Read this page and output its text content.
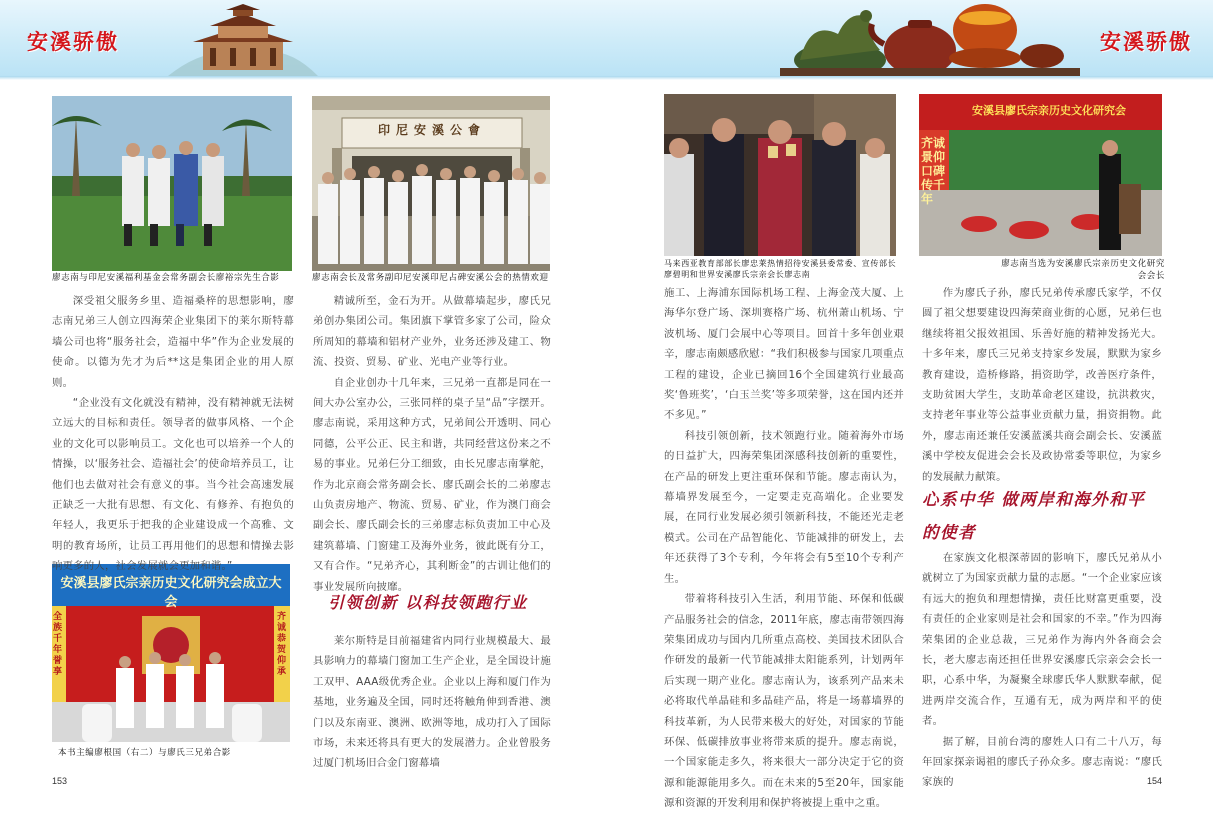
安溪骄傲	安溪骄傲
廖志南与印尼安溪福利基金会常务副会长廖裕宗先生合影
印尼安溪公會
廖志南会长及常务副印尼安溪印尼占碑安溪公会的热情欢迎
安溪县廖氏宗亲历史文化研究会成立大会
全族千年誉享
齐诚恭贺仰承
本书主编廖根国（右二）与廖氏三兄弟合影

深受祖父服务乡里、造福桑梓的思想影响，廖志南兄弟三人创立四海荣企业集团下的莱尔斯特幕墙公司也将“服务社会，造福中华”作为企业发展的使命。以德为先才为后**这是集团企业的用人原则。

“企业没有文化就没有精神，没有精神就无法树立远大的目标和责任。领导者的做事风格、一个企业的文化可以影响员工。文化也可以培养一个人的情操，以‘服务社会、造福社会’的使命培养员工，让他们也去做对社会有意义的事。当今社会高速发展正缺乏一大批有思想、有文化、有修养、有抱负的年轻人，我更乐于把我的企业建设成一个高雅、文明的教育场所，让员工再用他们的思想和情操去影响更多的人，社会发展就会更加和谐。”

精诚所至，金石为开。从做幕墙起步，廖氏兄弟创办集团公司。集团旗下掌管多家了公司，险众所周知的幕墙和铝材产业外，业务还涉及建工、物流、投资、贸易、矿业、光电产业等行业。

自企业创办十几年来，三兄弟一直都是同在一间大办公室办公，三张同样的桌子呈“品”字摆开。廖志南说，采用这种方式，兄弟间公开透明、同心同德，公平公正、民主和谐，共同经营这份来之不易的事业。兄弟仨分工细致，由长兄廖志南掌舵，作为北京商会常务副会长、廖氏副会长的二弟廖志山负责房地产、物流、贸易、矿业，作为澳门商会副会长、廖氏副会长的三弟廖志标负责加工中心及建筑幕墙、门窗建工及海外业务，彼此既有分工，又有合作。“兄弟齐心，其利断金”的古训让他们的事业发展所向披靡。

引领创新 以科技领跑行业

莱尔斯特是目前福建省内同行业规模最大、最具影响力的幕墙门窗加工生产企业，是全国设计施工双甲、AAA级优秀企业。企业以上海和厦门作为基地，业务遍及全国，同时还将触角伸到香港、澳门以及东南亚、澳洲、欧洲等地，成功打入了国际市场，未来还将具有更大的发展潜力。企业曾股务过厦门机场旧合金门窗幕墙

153
马来西亚教育部部长廖忠莱热情招待安溪县委常委、宣传部长廖碧明和世界安溪廖氏宗亲会长廖志南
安溪县廖氏宗亲历史文化研究会
齐诚景仰口碑传千年
廖志南当选为安溪廖氏宗亲历史文化研究会会长

施工、上海浦东国际机场工程、上海金茂大厦、上海华尔登广场、深圳赛格广场、杭州萧山机场、宁波机场、厦门会展中心等项目。回首十多年创业艰辛，廖志南颇感欣慰：“我们积极参与国家几项重点工程的建设，企业已摘回16个全国建筑行业最高奖‘鲁班奖’，‘白玉兰奖’等多项荣誉，这在国内还并不多见。”

科技引领创新，技术领跑行业。随着海外市场的日益扩大，四海荣集团深感科技创新的重要性，在产品的研发上更注重环保和节能。廖志南认为，幕墙界发展至今，一定要走克高端化。企业要发展，在同行业发展必须引领新科技，不能还光走老模式。公司在产品智能化、节能减排的研发上，去年还获得了3个专利，今年将会有5至10个专利产生。

带着将科技引入生活，利用节能、环保和低碳产品服务社会的信念，2011年底，廖志南带领四海荣集团成功与国内几所重点高校、美国技术团队合作研发的最新一代节能减排太阳能系列，计划两年后实现一期产业化。廖志南认为，该系列产品来未必将取代单晶硅和多晶硅产品，将是一场幕墙界的科技革新，为人民带来极大的好处，对国家的节能环保、低碳排放事业将带来质的提升。廖志南说，一个国家能走多久，将来很大一部分决定于它的资源和能源能用多久。而在未来的5至20年，国家能源和资源的开发利用和保护将被提上重中之重。

作为廖氏子孙，廖氏兄弟传承廖氏家学，不仅圆了祖父想要建设四海荣商业街的心愿，兄弟仨也继续将祖父报效祖国、乐善好施的精神发扬光大。十多年来，廖氏三兄弟支持家乡发展，默默为家乡教育建设，造桥修路，捐资助学，改善医疗条件，支助贫困大学生，支助革命老区建设，抗洪救灾，支持老年事业等公益事业贡献力量，捐资捐物。此外，廖志南还兼任安溪蓝溪共商会副会长、安溪蓝溪中学校友促进会会长及政协常委等职位，为家乡的发展献力献策。

心系中华 做两岸和海外和平的使者

在家族文化根深蒂固的影响下，廖氏兄弟从小就树立了为国家贡献力量的志愿。“一个企业家应该有远大的抱负和理想情操，责任比财富更重要，没有责任的企业家则是社会和国家的不幸。”作为四海荣集团的企业总裁，三兄弟作为海内外各商会会长，老大廖志南还担任世界安溪廖氏宗亲会会长一职，心系中华，为凝聚全球廖氏华人默默奉献，促进两岸交流合作，互通有无，成为两岸和平的使者。

据了解，目前台湾的廖姓人口有二十八万，每年回家探亲谒祖的廖氏子孙众多。廖志南说：“廖氏家族的	154
